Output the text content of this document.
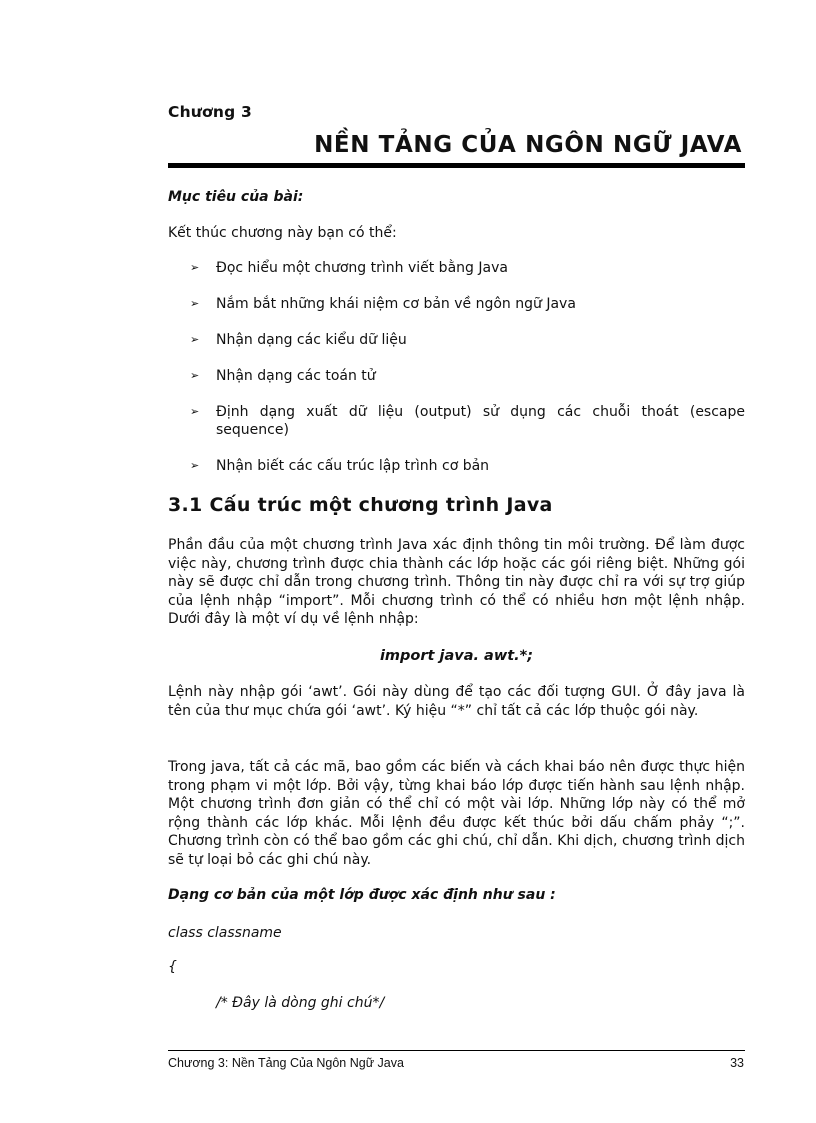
Chương 3
NỀN TẢNG CỦA NGÔN NGỮ JAVA
Mục tiêu của bài:
Kết thúc chương này bạn có thể:
➢ Đọc hiểu một chương trình viết bằng Java
➢ Nắm bắt những khái niệm cơ bản về ngôn ngữ Java
➢ Nhận dạng các kiểu dữ liệu
➢ Nhận dạng các toán tử
➢ Định dạng xuất dữ liệu (output) sử dụng các chuỗi thoát (escape sequence)
➢ Nhận biết các cấu trúc lập trình cơ bản
3.1 Cấu trúc một chương trình Java

Phần đầu của một chương trình Java xác định thông tin môi trường. Để làm được việc này, chương trình được chia thành các lớp hoặc các gói riêng biệt. Những gói này sẽ được chỉ dẫn trong chương trình. Thông tin này được chỉ ra với sự trợ giúp của lệnh nhập “import”. Mỗi chương trình có thể có nhiều hơn một lệnh nhập. Dưới đây là một ví dụ về lệnh nhập:

import java. awt.*;

Lệnh này nhập gói ‘awt’. Gói này dùng để tạo các đối tượng GUI. Ở đây java là tên của thư mục chứa gói ‘awt’. Ký hiệu “*” chỉ tất cả các lớp thuộc gói này.

Trong java, tất cả các mã, bao gồm các biến và cách khai báo nên được thực hiện trong phạm vi một lớp. Bởi vậy, từng khai báo lớp được tiến hành sau lệnh nhập. Một chương trình đơn giản có thể chỉ có một vài lớp. Những lớp này có thể mở rộng thành các lớp khác. Mỗi lệnh đều được kết thúc bởi dấu chấm phảy “;”. Chương trình còn có thể bao gồm các ghi chú, chỉ dẫn. Khi dịch, chương trình dịch sẽ tự loại bỏ các ghi chú này.

Dạng cơ bản của một lớp được xác định như sau :
class classname
{
/* Đây là dòng ghi chú*/
Chương 3: Nền Tảng Của Ngôn Ngữ Java	33
